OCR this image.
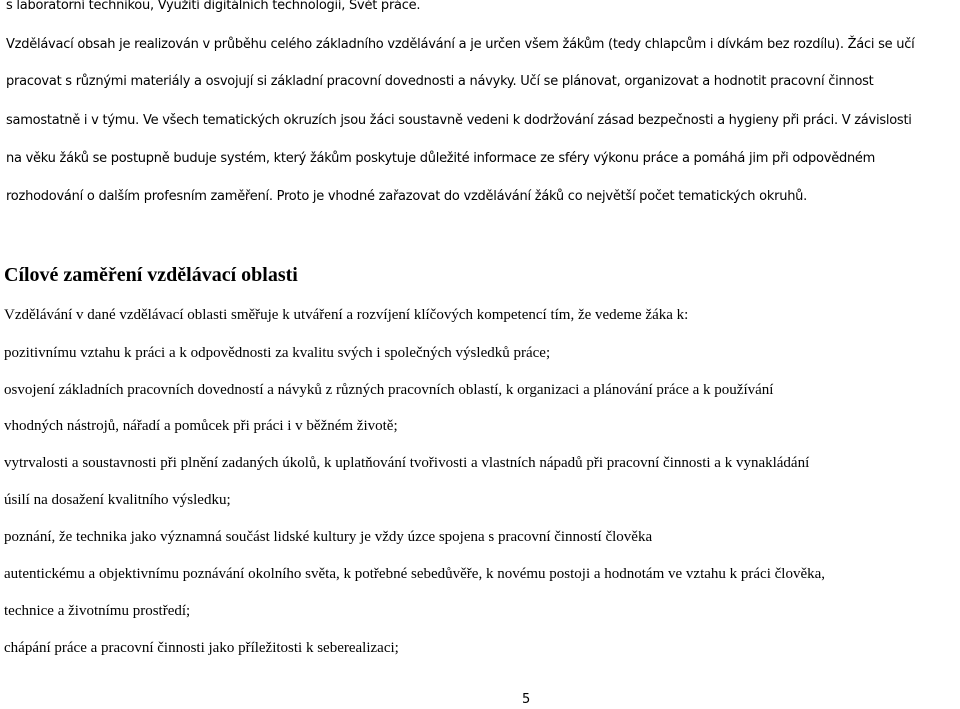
s laboratorní technikou, Využití digitálních technologií, Svět práce.
Vzdělávací obsah je realizován v průběhu celého základního vzdělávání a je určen všem žákům (tedy chlapcům i dívkám bez rozdílu). Žáci se učí
pracovat s různými materiály a osvojují si základní pracovní dovednosti a návyky. Učí se plánovat, organizovat a hodnotit pracovní činnost
samostatně i v týmu. Ve všech tematických okruzích jsou žáci soustavně vedeni k dodržování zásad bezpečnosti a hygieny při práci. V závislosti
na věku žáků se postupně buduje systém, který žákům poskytuje důležité informace ze sféry výkonu práce a pomáhá jim při odpovědném
rozhodování o dalším profesním zaměření. Proto je vhodné zařazovat do vzdělávání žáků co největší počet tematických okruhů.
Cílové zaměření vzdělávací oblasti
Vzdělávání v dané vzdělávací oblasti směřuje k utváření a rozvíjení klíčových kompetencí tím, že vedeme žáka k:
pozitivnímu vztahu k práci a k odpovědnosti za kvalitu svých i společných výsledků práce;
osvojení základních pracovních dovedností a návyků z různých pracovních oblastí, k organizaci a plánování práce a k používání
vhodných nástrojů, nářadí a pomůcek při práci i v běžném životě;
vytrvalosti a soustavnosti při plnění zadaných úkolů, k uplatňování tvořivosti a vlastních nápadů při pracovní činnosti a k vynakládání
úsilí na dosažení kvalitního výsledku;
poznání, že technika jako významná součást lidské kultury je vždy úzce spojena s pracovní činností člověka
autentickému a objektivnímu poznávání okolního světa, k potřebné sebedůvěře, k novému postoji a hodnotám ve vztahu k práci člověka,
technice a životnímu prostředí;
chápání práce a pracovní činnosti jako příležitosti k seberealizaci;
5
